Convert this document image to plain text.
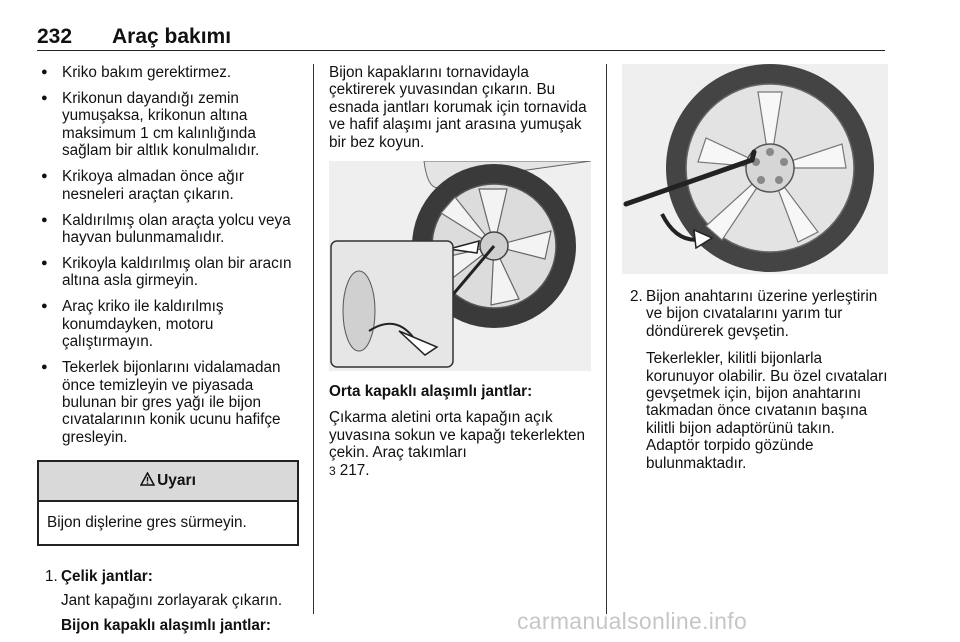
232 Araç bakımı
● Kriko bakım gerektirmez.
● Krikonun dayandığı zemin yumuşaksa, krikonun altına maksimum 1 cm kalınlığında sağlam bir altlık konulmalıdır.
● Krikoya almadan önce ağır nesneleri araçtan çıkarın.
● Kaldırılmış olan araçta yolcu veya hayvan bulunmamalıdır.
● Krikoyla kaldırılmış olan bir aracın altına asla girmeyin.
● Araç kriko ile kaldırılmış konumdayken, motoru çalıştırmayın.
● Tekerlek bijonlarını vidalamadan önce temizleyin ve piyasada bulunan bir gres yağı ile bijon cıvatalarının konik ucunu hafifçe gresleyin.
Uyarı
Bijon dişlerine gres sürmeyin.
1. Çelik jantlar:

Jant kapağını zorlayarak çıkarın.

Bijon kapaklı alaşımlı jantlar:

Bijon kapaklarını tornavidayla çektirerek yuvasından çıkarın. Bu esnada jantları korumak için tornavida ve hafif alaşımı jant arasına yumuşak bir bez koyun.

Orta kapaklı alaşımlı jantlar:

Çıkarma aletini orta kapağın açık yuvasına sokun ve kapağı tekerlekten çekin. Araç takımları
3 217.

2. Bijon anahtarını üzerine yerleştirin ve bijon cıvatalarını yarım tur döndürerek gevşetin.

Tekerlekler, kilitli bijonlarla korunuyor olabilir. Bu özel cıvataları gevşetmek için, bijon anahtarını takmadan önce cıvatanın başına kilitli bijon adaptörünü takın. Adaptör torpido gözünde bulunmaktadır.

carmanualsonline.info
